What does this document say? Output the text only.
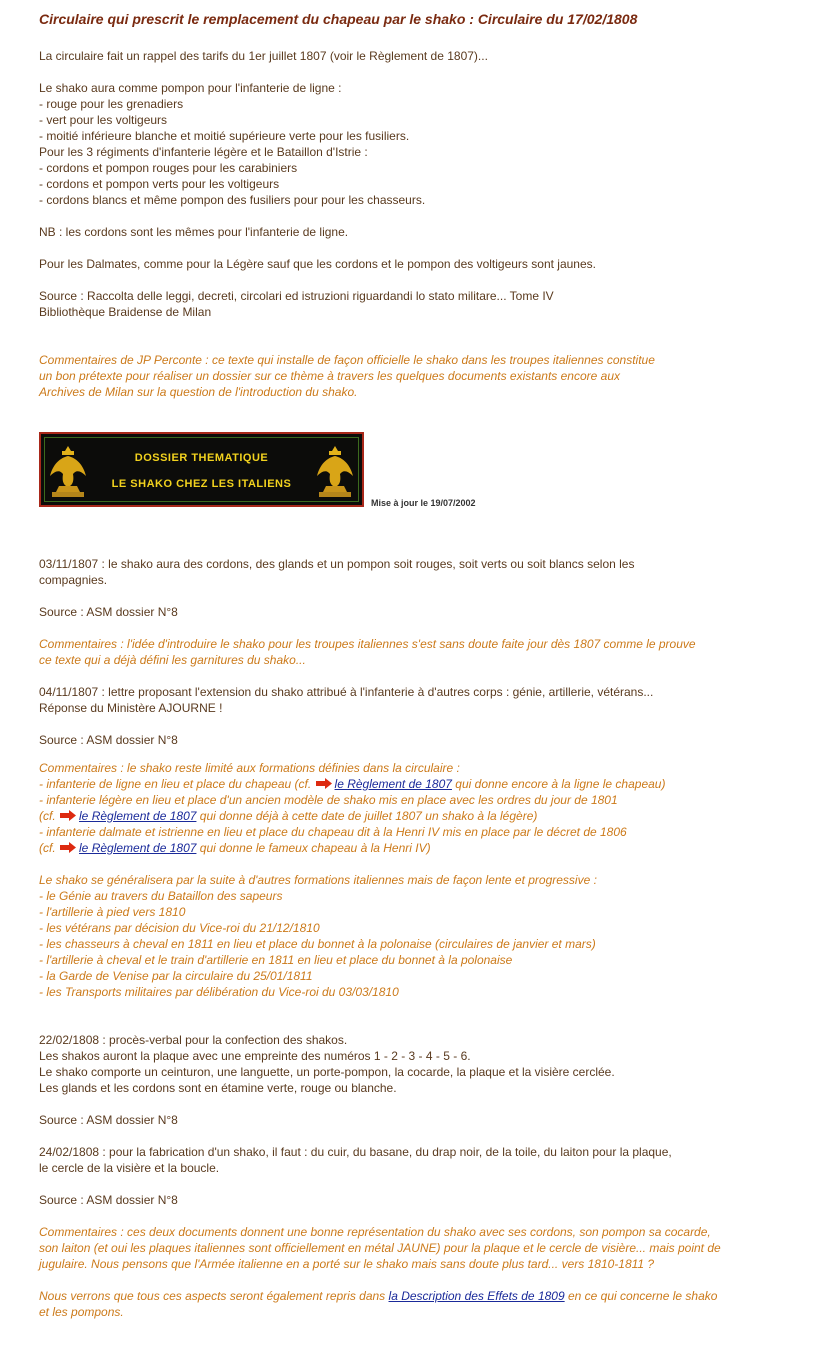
Circulaire qui prescrit le remplacement du chapeau par le shako : Circulaire du 17/02/1808
La circulaire fait un rappel des tarifs du 1er juillet 1807 (voir le Règlement de 1807)...
Le shako aura comme pompon pour l'infanterie de ligne :
- rouge pour les grenadiers
- vert pour les voltigeurs
- moitié inférieure blanche et moitié supérieure verte pour les fusiliers.
Pour les 3 régiments d'infanterie légère et le Bataillon d'Istrie :
- cordons et pompon rouges pour les carabiniers
- cordons et pompon verts pour les voltigeurs
- cordons blancs et même pompon des fusiliers pour pour les chasseurs.
NB : les cordons sont les mêmes pour l'infanterie de ligne.
Pour les Dalmates, comme pour la Légère sauf que les cordons et le pompon des voltigeurs sont jaunes.
Source : Raccolta delle leggi, decreti, circolari ed istruzioni riguardandi lo stato militare... Tome IV
Bibliothèque Braidense de Milan
Commentaires de JP Perconte : ce texte qui installe de façon officielle le shako dans les troupes italiennes constitue
un bon prétexte pour réaliser un dossier sur ce thème à travers les quelques documents existants encore aux
Archives de Milan sur la question de l'introduction du shako.
DOSSIER THEMATIQUE
LE SHAKO CHEZ LES ITALIENS
Mise à jour le 19/07/2002
03/11/1807 : le shako aura des cordons, des glands et un pompon soit rouges, soit verts ou soit blancs selon les
compagnies.
Source : ASM dossier N°8
Commentaires : l'idée d'introduire le shako pour les troupes italiennes s'est sans doute faite jour dès 1807 comme le prouve
ce texte qui a déjà défini les garnitures du shako...
04/11/1807 : lettre proposant l'extension du shako attribué à l'infanterie à d'autres corps : génie, artillerie, vétérans...
Réponse du Ministère AJOURNE !
Source : ASM dossier N°8
Commentaires : le shako reste limité aux formations définies dans la circulaire :
- infanterie de ligne en lieu et place du chapeau (cf. le Règlement de 1807 qui donne encore à la ligne le chapeau)
- infanterie légère en lieu et place d'un ancien modèle de shako mis en place avec les ordres du jour de 1801
(cf. le Règlement de 1807 qui donne déjà à cette date de juillet 1807 un shako à la légère)
- infanterie dalmate et istrienne en lieu et place du chapeau dit à la Henri IV mis en place par le décret de 1806
(cf. le Règlement de 1807 qui donne le fameux chapeau à la Henri IV)
Le shako se généralisera par la suite à d'autres formations italiennes mais de façon lente et progressive :
- le Génie au travers du Bataillon des sapeurs
- l'artillerie à pied vers 1810
- les vétérans par décision du Vice-roi du 21/12/1810
- les chasseurs à cheval en 1811 en lieu et place du bonnet à la polonaise (circulaires de janvier et mars)
- l'artillerie à cheval et le train d'artillerie en 1811 en lieu et place du bonnet à la polonaise
- la Garde de Venise par la circulaire du 25/01/1811
- les Transports militaires par délibération du Vice-roi du 03/03/1810
22/02/1808 : procès-verbal pour la confection des shakos.
Les shakos auront la plaque avec une empreinte des numéros 1 - 2 - 3 - 4 - 5 - 6.
Le shako comporte un ceinturon, une languette, un porte-pompon, la cocarde, la plaque et la visière cerclée.
Les glands et les cordons sont en étamine verte, rouge ou blanche.
Source : ASM dossier N°8
24/02/1808 : pour la fabrication d'un shako, il faut : du cuir, du basane, du drap noir, de la toile, du laiton pour la plaque,
le cercle de la visière et la boucle.
Source : ASM dossier N°8
Commentaires : ces deux documents donnent une bonne représentation du shako avec ses cordons, son pompon sa cocarde,
son laiton (et oui les plaques italiennes sont officiellement en métal JAUNE) pour la plaque et le cercle de visière... mais point de
jugulaire. Nous pensons que l'Armée italienne en a porté sur le shako mais sans doute plus tard... vers 1810-1811 ?
Nous verrons que tous ces aspects seront également repris dans la Description des Effets de 1809 en ce qui concerne le shako
et les pompons.
